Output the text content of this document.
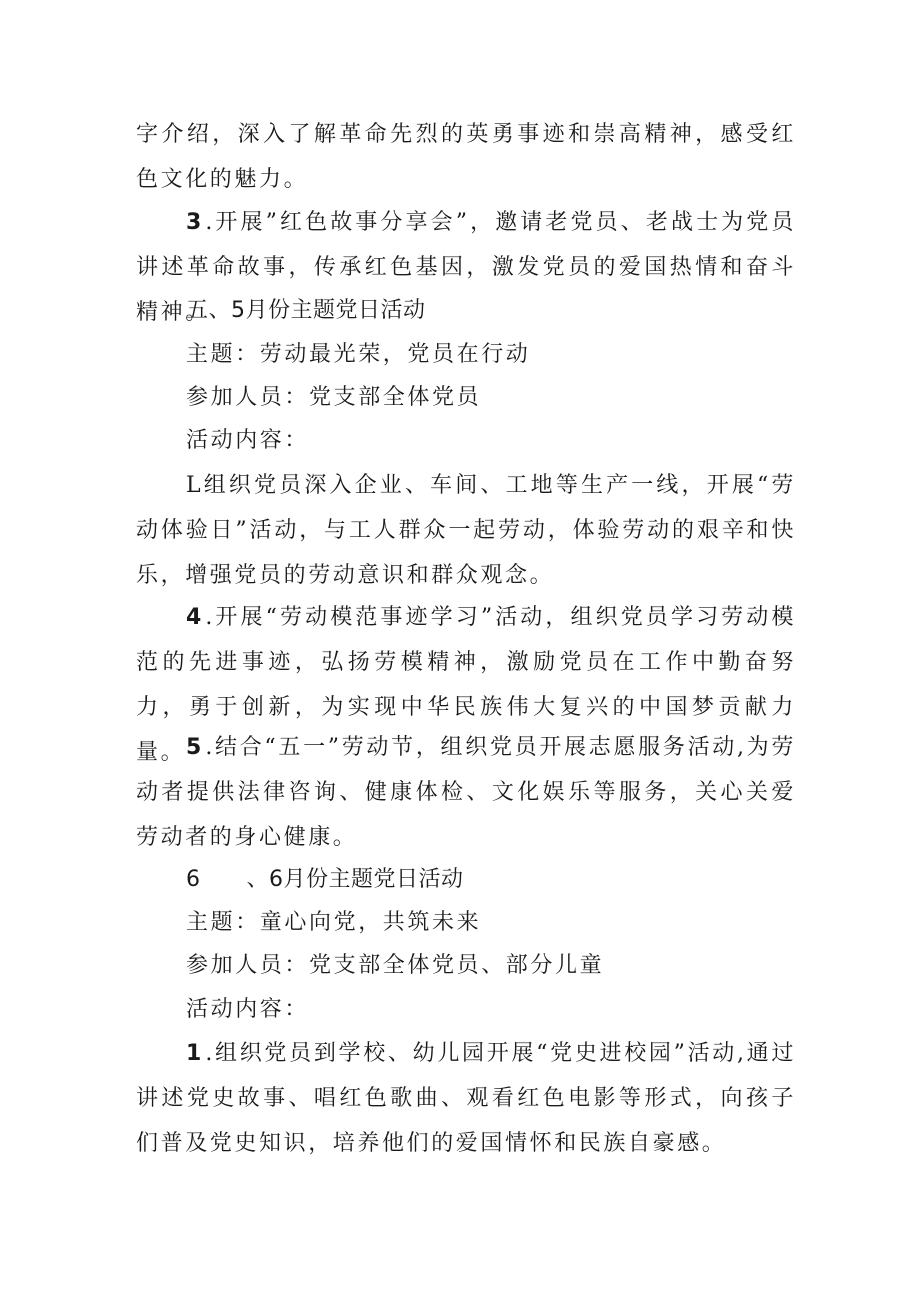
字介绍，深入了解革命先烈的英勇事迹和崇高精神，感受红色文化的魅力。

3 .开展”红色故事分享会”，邀请老党员、老战士为党员讲述革命故事，传承红色基因，激发党员的爱国热情和奋斗精神。

五、5月份主题党日活动

主题：劳动最光荣，党员在行动

参加人员：党支部全体党员

活动内容：

L组织党员深入企业、车间、工地等生产一线，开展“劳动体验日”活动，与工人群众一起劳动，体验劳动的艰辛和快乐，增强党员的劳动意识和群众观念。

4 .开展“劳动模范事迹学习”活动，组织党员学习劳动模范的先进事迹，弘扬劳模精神，激励党员在工作中勤奋努力，勇于创新，为实现中华民族伟大复兴的中国梦贡献力量。 5 .结合“五一”劳动节，组织党员开展志愿服务活动,为劳动者提供法律咨询、健康体检、文化娱乐等服务，关心关爱劳动者的身心健康。

6 、6月份主题党日活动

主题：童心向党，共筑未来

参加人员：党支部全体党员、部分儿童

活动内容：

1 .组织党员到学校、幼儿园开展“党史进校园”活动,通过讲述党史故事、唱红色歌曲、观看红色电影等形式，向孩子们普及党史知识，培养他们的爱国情怀和民族自豪感。
